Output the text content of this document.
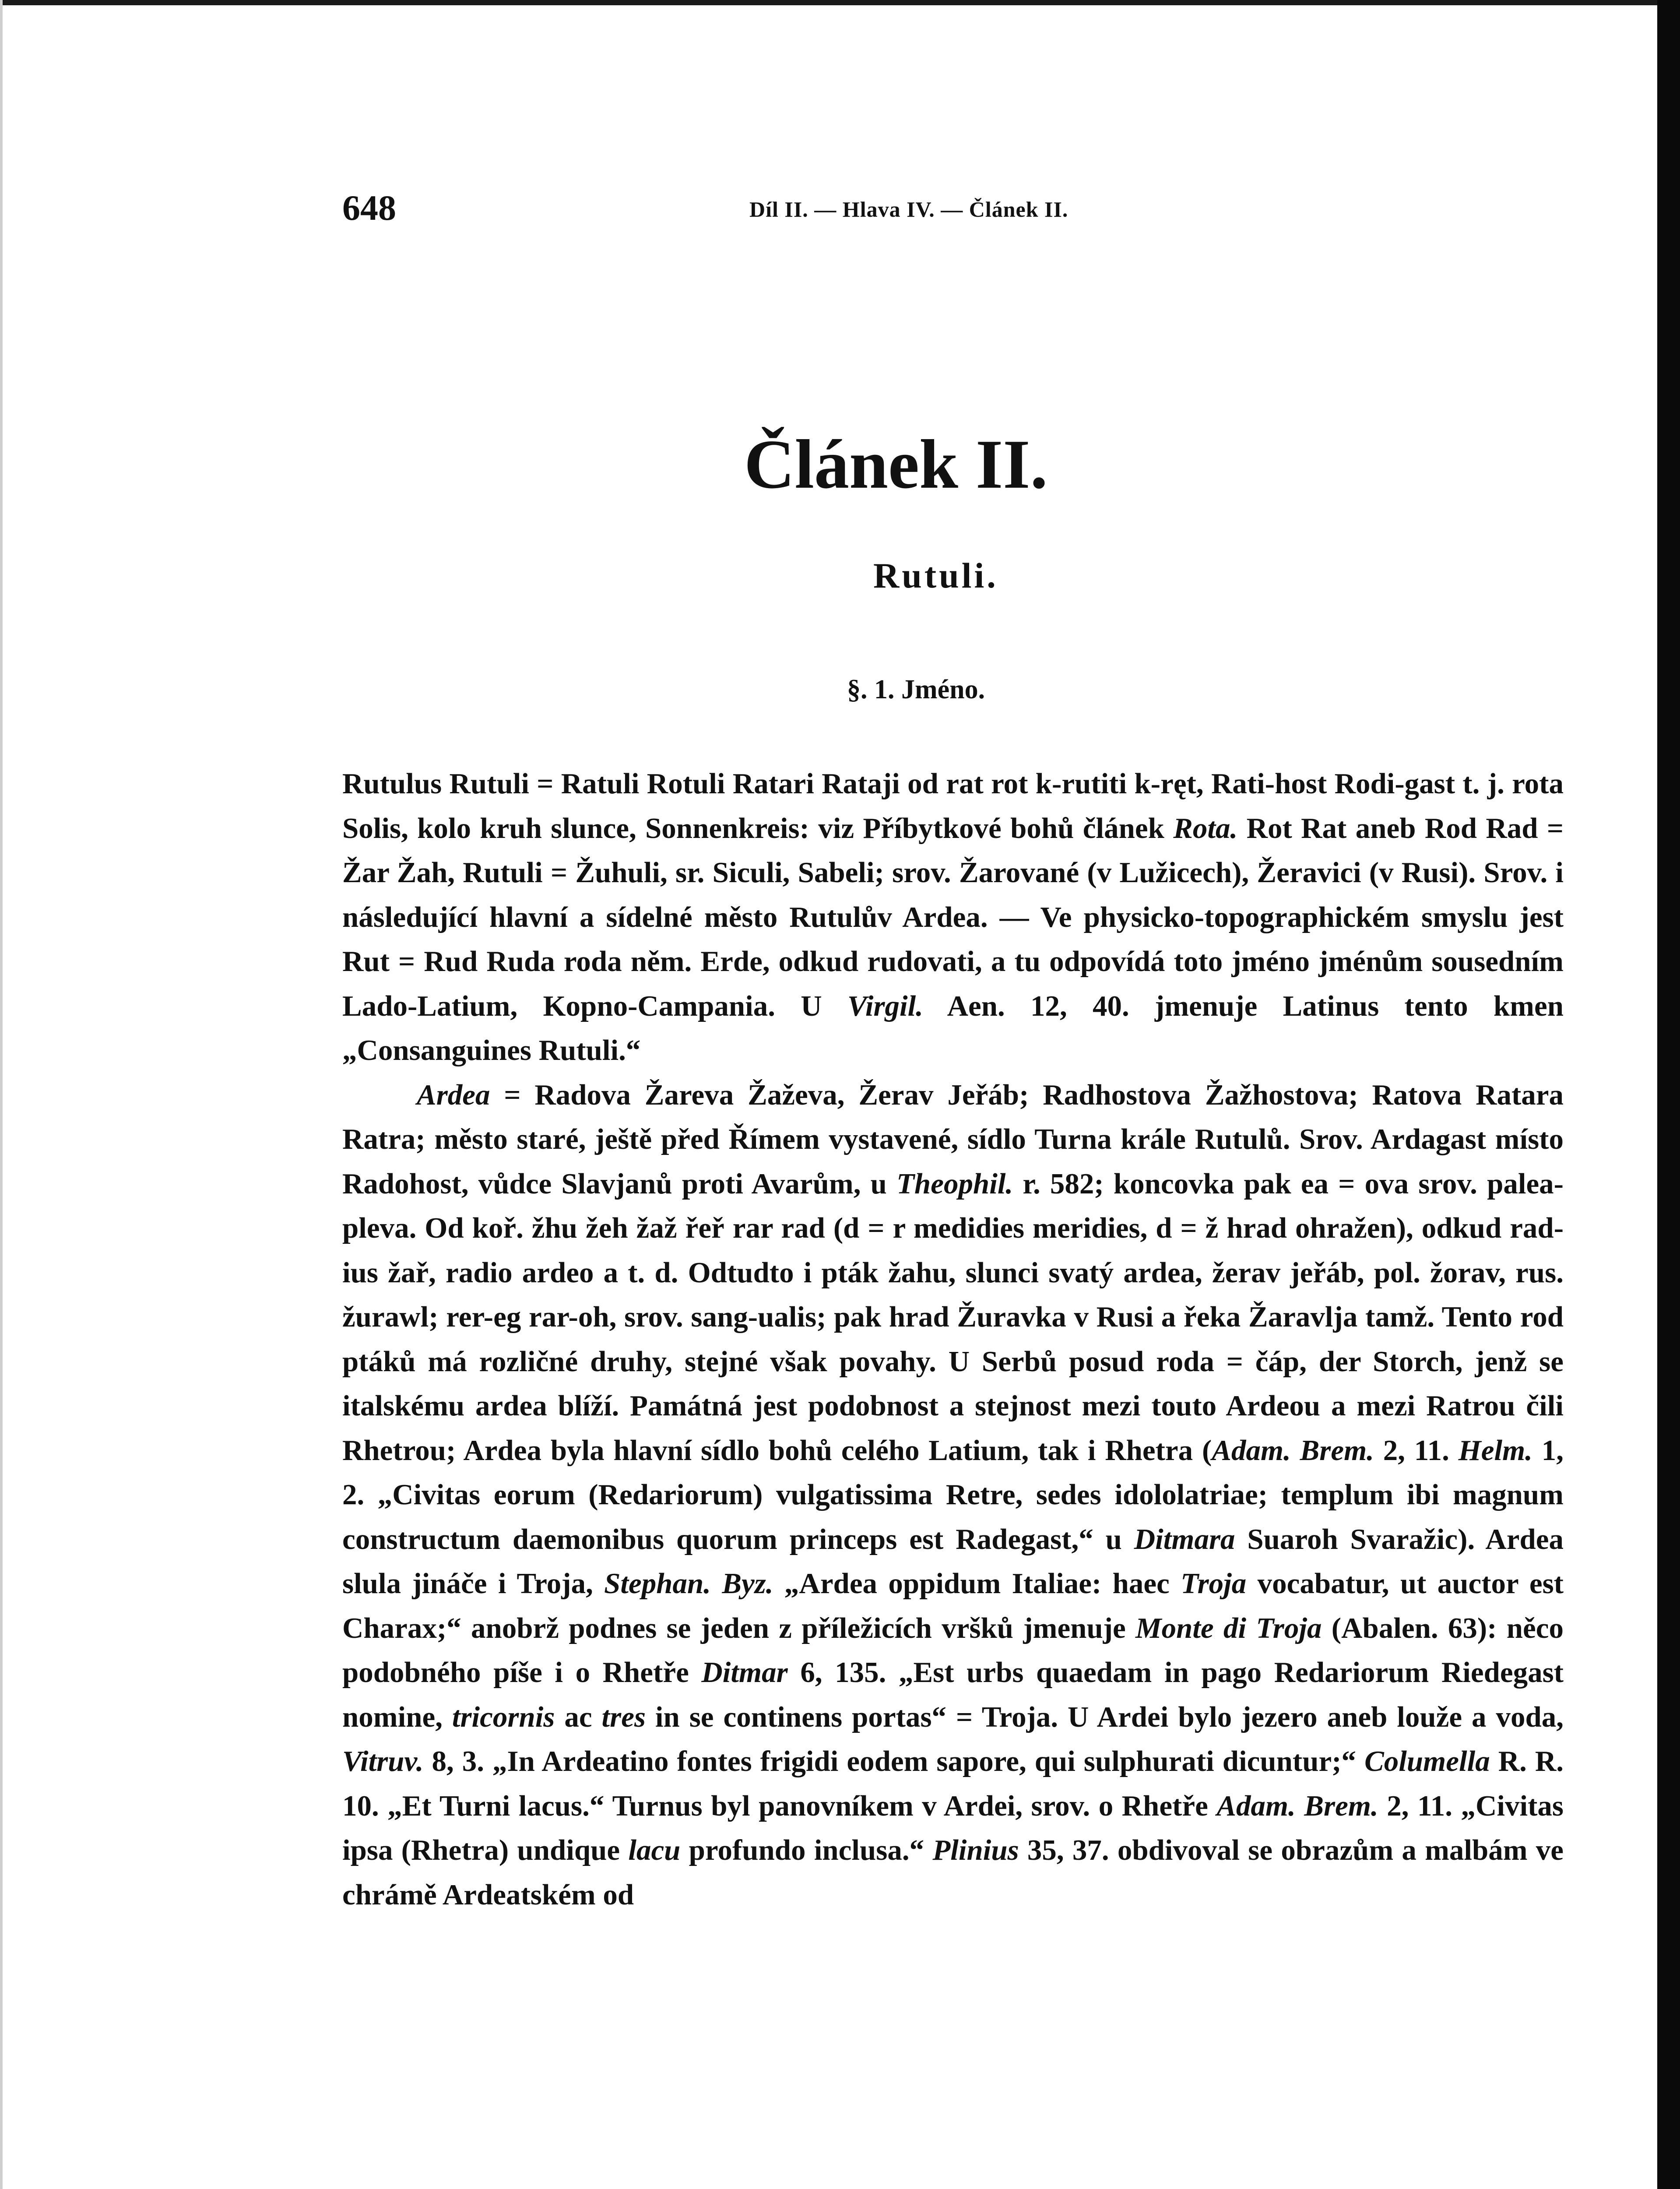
648	Díl II. — Hlava IV. — Článek II.
Článek II.
Rutuli.
§. 1. Jméno.

Rutulus Rutuli = Ratuli Rotuli Ratari Rataji od rat rot k-rutiti k-ręt, Rati-host Rodi-gast t. j. rota Solis, kolo kruh slunce, Sonnenkreis: viz Příbytkové bohů článek Rota. Rot Rat aneb Rod Rad = Žar Žah, Rutuli = Žuhuli, sr. Siculi, Sabeli; srov. Žarované (v Lužicech), Žeravici (v Rusi). Srov. i následující hlavní a sídelné město Rutulův Ardea. — Ve physicko-topographickém smyslu jest Rut = Rud Ruda roda něm. Erde, odkud rudovati, a tu odpovídá toto jméno jménům sousedním Lado-Latium, Kopno-Campania. U Virgil. Aen. 12, 40. jmenuje Latinus tento kmen „Consanguines Rutuli.“

Ardea = Radova Žareva Žaževa, Žerav Jeřáb; Radhostova Žažhostova; Ratova Ratara Ratra; město staré, ještě před Římem vystavené, sídlo Turna krále Rutulů. Srov. Ardagast místo Radohost, vůdce Slavjanů proti Avarům, u Theophil. r. 582; koncovka pak ea = ova srov. palea-pleva. Od koř. žhu žeh žaž řeř rar rad (d = r medidies meridies, d = ž hrad ohražen), odkud rad-ius žař, radio ardeo a t. d. Odtudto i pták žahu, slunci svatý ardea, žerav jeřáb, pol. žorav, rus. žurawl; rer-eg rar-oh, srov. sang-ualis; pak hrad Žuravka v Rusi a řeka Žaravlja tamž. Tento rod ptáků má rozličné druhy, stejné však povahy. U Serbů posud roda = čáp, der Storch, jenž se italskému ardea blíží. Památná jest podobnost a stejnost mezi touto Ardeou a mezi Ratrou čili Rhetrou; Ardea byla hlavní sídlo bohů celého Latium, tak i Rhetra (Adam. Brem. 2, 11. Helm. 1, 2. „Civitas eorum (Redariorum) vulgatissima Retre, sedes idololatriae; templum ibi magnum constructum daemonibus quorum princeps est Radegast,“ u Ditmara Suaroh Svaražic). Ardea slula jináče i Troja, Stephan. Byz. „Ardea oppidum Italiae: haec Troja vocabatur, ut auctor est Charax;“ anobrž podnes se jeden z příležicích vršků jmenuje Monte di Troja (Abalen. 63): něco podobného píše i o Rhetře Ditmar 6, 135. „Est urbs quaedam in pago Redariorum Riedegast nomine, tricornis ac tres in se continens portas“ = Troja. U Ardei bylo jezero aneb louže a voda, Vitruv. 8, 3. „In Ardeatino fontes frigidi eodem sapore, qui sulphurati dicuntur;“ Columella R. R. 10. „Et Turni lacus.“ Turnus byl panovníkem v Ardei, srov. o Rhetře Adam. Brem. 2, 11. „Civitas ipsa (Rhetra) undique lacu profundo inclusa.“ Plinius 35, 37. obdivoval se obrazům a malbám ve chrámě Ardeatském od
